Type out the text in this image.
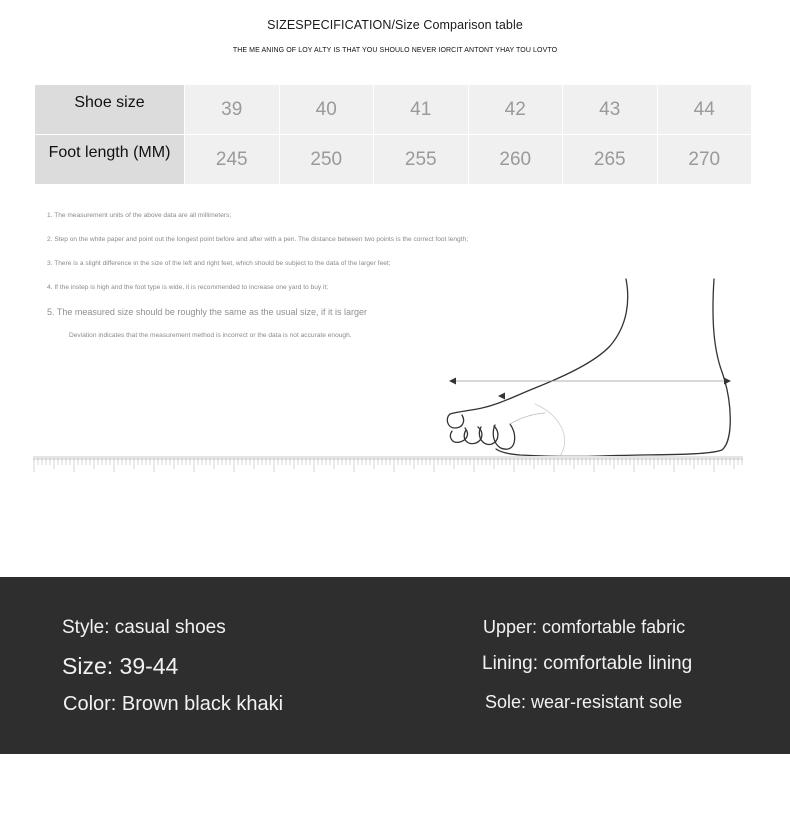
SIZESPECIFICATION/Size Comparison table
THE ME ANING OF LOY ALTY IS THAT YOU SHOULO NEVER IORCIT ANTONT YHAY TOU LOVTO
Shoe size	39	40	41	42	43	44
Foot length (MM)	245	250	255	260	265	270
1. The measurement units of the above data are all millimeters;
2. Step on the white paper and point out the longest point before and after with a pen. The distance between two points is the correct foot length;
3. There is a slight difference in the size of the left and right feet, which should be subject to the data of the larger feet;
4. If the instep is high and the foot type is wide, it is recommended to increase one yard to buy it;
5. The measured size should be roughly the same as the usual size, if it is larger
Deviation indicates that the measurement method is incorrect or the data is not accurate enough.
Style: casual shoes
Size: 39-44
Color: Brown black khaki
Upper: comfortable fabric
Lining: comfortable lining
Sole: wear-resistant sole
